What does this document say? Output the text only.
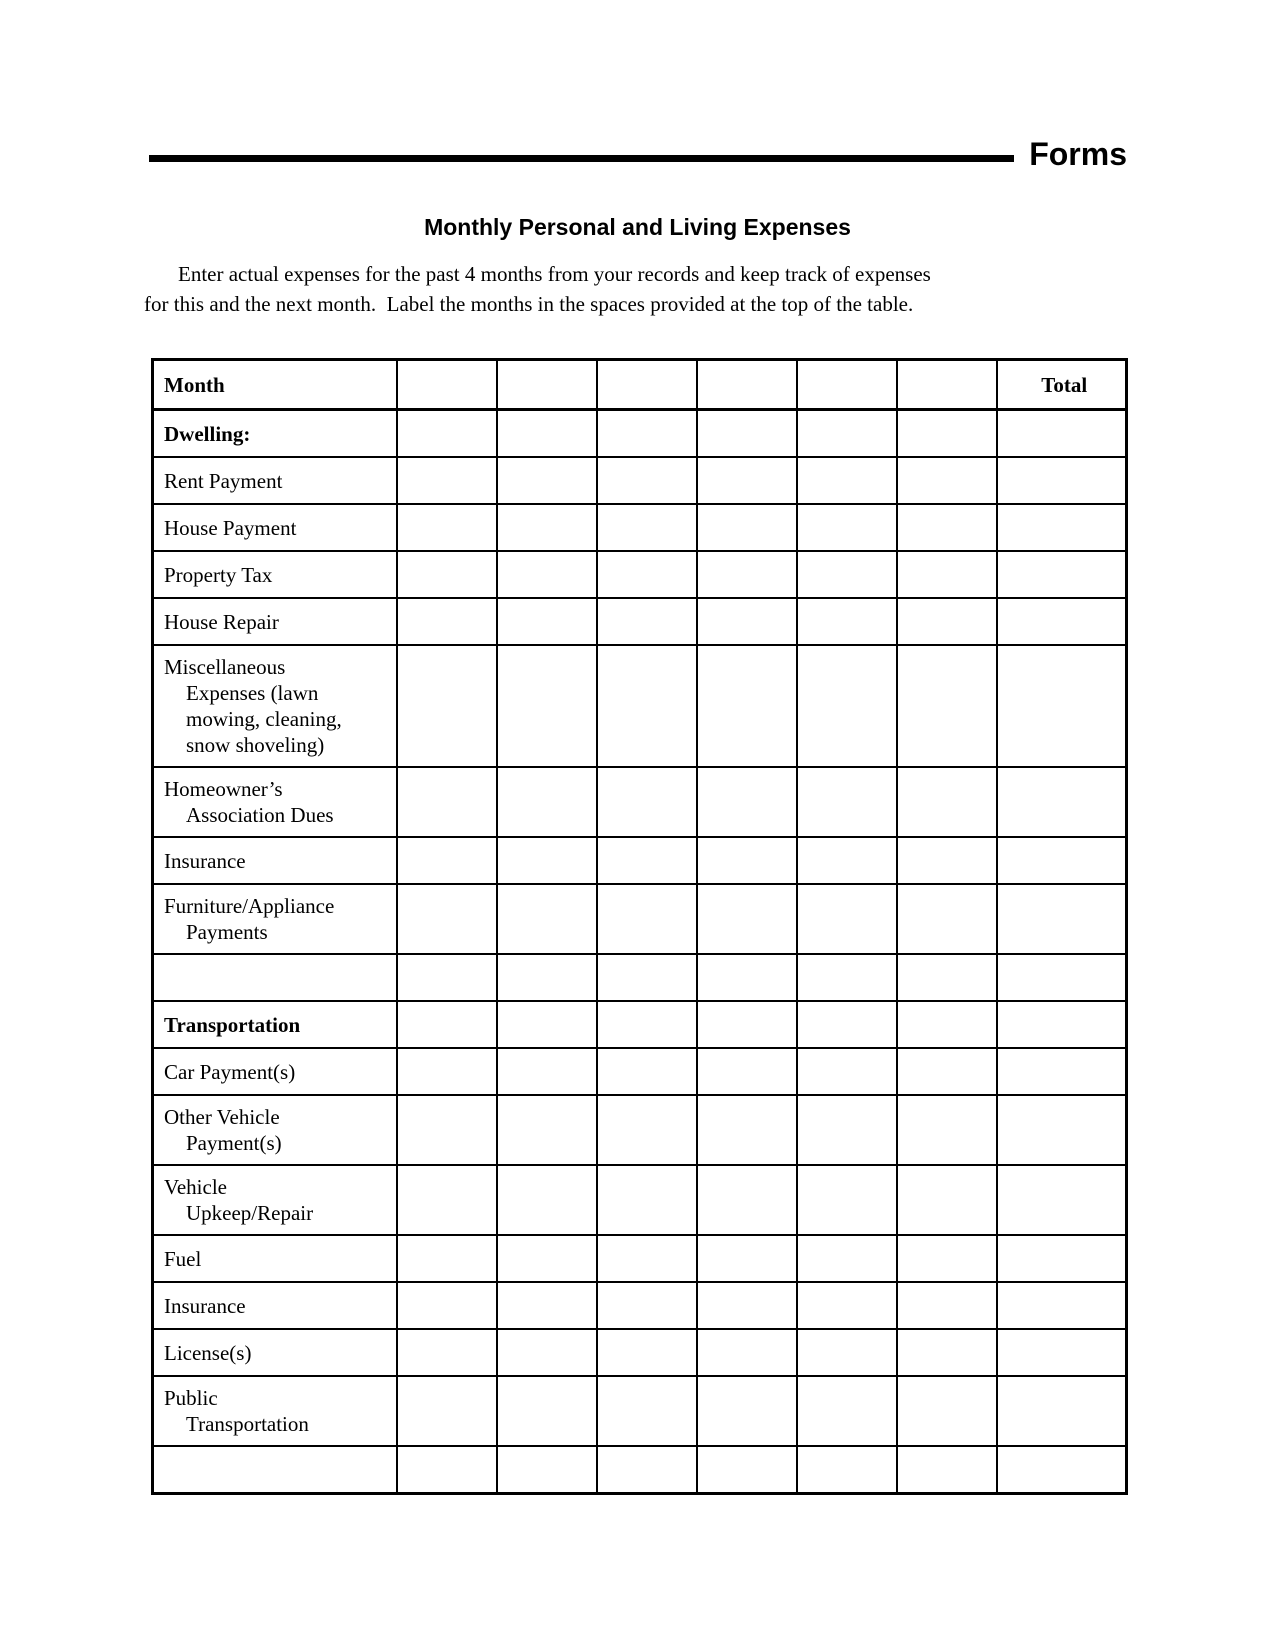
Forms
Monthly Personal and Living Expenses
Enter actual expenses for the past 4 months from your records and keep track of expenses
for this and the next month.  Label the months in the spaces provided at the top of the table.
Month							Total

Dwelling:							

Rent Payment							

House Payment							

Property Tax							

House Repair							

Miscellaneous
Expenses (lawn
mowing, cleaning,
snow shoveling)							

Homeowner’s
Association Dues							

Insurance							

Furniture/Appliance
Payments							

Transportation							

Car Payment(s)							

Other Vehicle
Payment(s)							

Vehicle
Upkeep/Repair							

Fuel							

Insurance							

License(s)							

Public
Transportation							
